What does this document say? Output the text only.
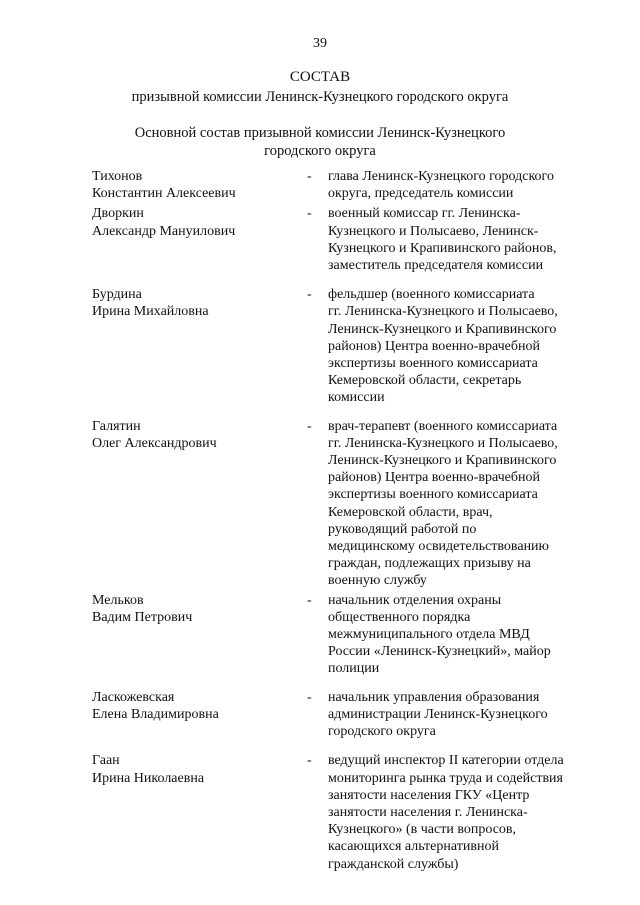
39
СОСТАВ
призывной комиссии Ленинск-Кузнецкого городского округа
Основной состав призывной комиссии Ленинск-Кузнецкого
городского округа
Тихонов
Константин Алексеевич
- глава Ленинск-Кузнецкого городского
округа, председатель комиссии
Дворкин
Александр Мануилович
- военный комиссар гг. Ленинска-
Кузнецкого и Полысаево, Ленинск-
Кузнецкого и Крапивинского районов,
заместитель председателя комиссии
Бурдина
Ирина Михайловна
- фельдшер (военного комиссариата
гг. Ленинска-Кузнецкого и Полысаево,
Ленинск-Кузнецкого и Крапивинского
районов) Центра военно-врачебной
экспертизы военного комиссариата
Кемеровской области, секретарь
комиссии
Галятин
Олег Александрович
- врач-терапевт (военного комиссариата
гг. Ленинска-Кузнецкого и Полысаево,
Ленинск-Кузнецкого и Крапивинского
районов) Центра военно-врачебной
экспертизы военного комиссариата
Кемеровской области, врач,
руководящий работой по
медицинскому освидетельствованию
граждан, подлежащих призыву на
военную службу
Мельков
Вадим Петрович
- начальник отделения охраны
общественного порядка
межмуниципального отдела МВД
России «Ленинск-Кузнецкий», майор
полиции
Ласкожевская
Елена Владимировна
- начальник управления образования
администрации Ленинск-Кузнецкого
городского округа
Гаан
Ирина Николаевна
- ведущий инспектор II категории отдела
мониторинга рынка труда и содействия
занятости населения ГКУ «Центр
занятости населения г. Ленинска-
Кузнецкого» (в части вопросов,
касающихся альтернативной
гражданской службы)
